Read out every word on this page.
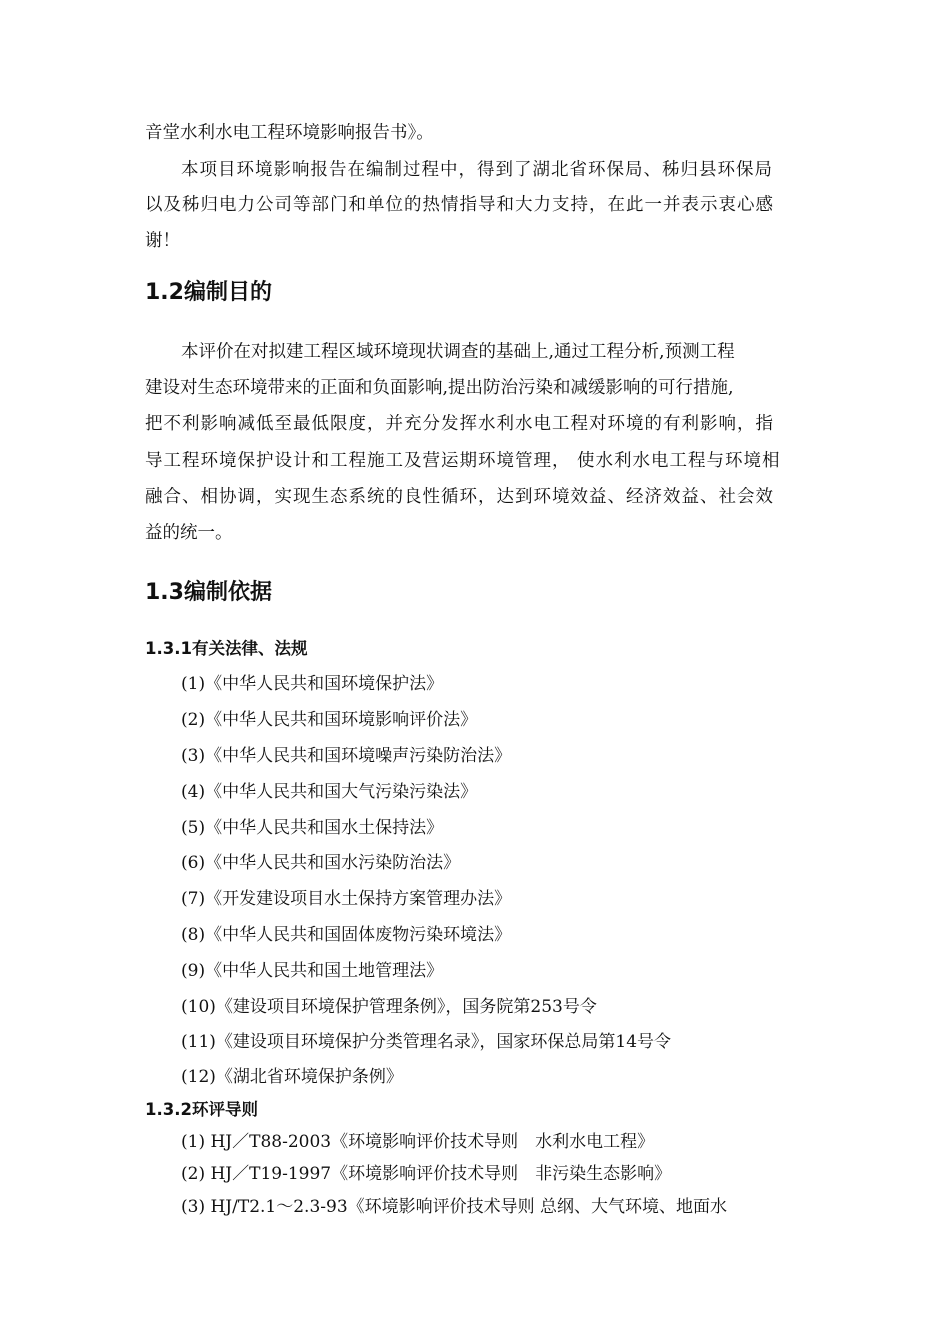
音堂水利水电工程环境影响报告书》。
本项目环境影响报告在编制过程中，得到了湖北省环保局、秭归县环保局
以及秭归电力公司等部门和单位的热情指导和大力支持，在此一并表示衷心感
谢！
1.2编制目的
本评价在对拟建工程区域环境现状调查的基础上,通过工程分析,预测工程
建设对生态环境带来的正面和负面影响,提出防治污染和减缓影响的可行措施,
把不利影响减低至最低限度，并充分发挥水利水电工程对环境的有利影响，指
导工程环境保护设计和工程施工及营运期环境管理， 使水利水电工程与环境相
融合、相协调，实现生态系统的良性循环，达到环境效益、经济效益、社会效
益的统一。
1.3编制依据
1.3.1有关法律、法规
(1)《中华人民共和国环境保护法》
(2)《中华人民共和国环境影响评价法》
(3)《中华人民共和国环境噪声污染防治法》
(4)《中华人民共和国大气污染污染法》
(5)《中华人民共和国水土保持法》
(6)《中华人民共和国水污染防治法》
(7)《开发建设项目水土保持方案管理办法》
(8)《中华人民共和国固体废物污染环境法》
(9)《中华人民共和国土地管理法》
(10)《建设项目环境保护管理条例》，国务院第253号令
(11)《建设项目环境保护分类管理名录》，国家环保总局第14号令
(12)《湖北省环境保护条例》
1.3.2环评导则
(1) HJ／T88-2003《环境影响评价技术导则　水利水电工程》
(2) HJ／T19-1997《环境影响评价技术导则　非污染生态影响》
(3) HJ/T2.1～2.3-93《环境影响评价技术导则 总纲、大气环境、地面水
